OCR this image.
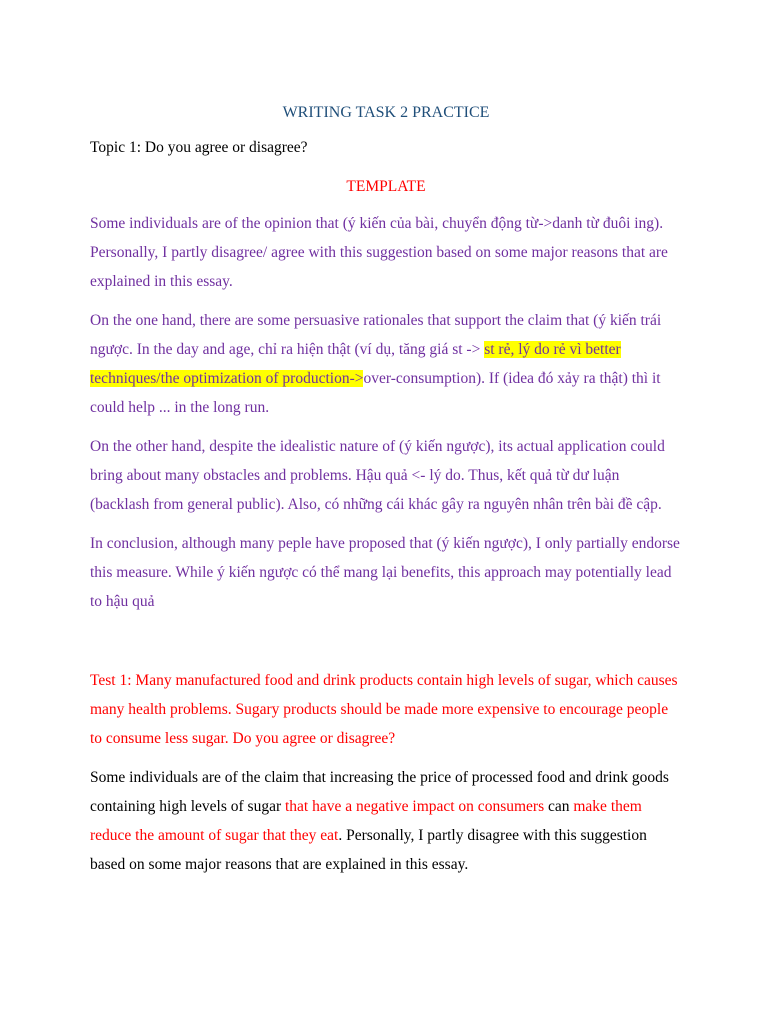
WRITING TASK 2 PRACTICE

Topic 1: Do you agree or disagree?

TEMPLATE

Some individuals are of the opinion that (ý kiến của bài, chuyển động từ->danh từ đuôi ing). Personally, I partly disagree/ agree with this suggestion based on some major reasons that are explained in this essay.

On the one hand, there are some persuasive rationales that support the claim that (ý kiến trái ngược. In the day and age, chỉ ra hiện thật (ví dụ, tăng giá st -> st rẻ, lý do rẻ vì better techniques/the optimization of production->over-consumption). If (idea đó xảy ra thật) thì it could help ... in the long run.

On the other hand, despite the idealistic nature of (ý kiến ngược), its actual application could bring about many obstacles and problems. Hậu quả <- lý do. Thus, kết quả từ dư luận (backlash from general public). Also, có những cái khác gây ra nguyên nhân trên bài đề cập.

In conclusion, although many peple have proposed that (ý kiến ngược), I only partially endorse this measure. While ý kiến ngược có thể mang lại benefits, this approach may potentially lead to hậu quả

Test 1: Many manufactured food and drink products contain high levels of sugar, which causes many health problems. Sugary products should be made more expensive to encourage people to consume less sugar. Do you agree or disagree?

Some individuals are of the claim that increasing the price of processed food and drink goods containing high levels of sugar that have a negative impact on consumers can make them reduce the amount of sugar that they eat. Personally, I partly disagree with this suggestion based on some major reasons that are explained in this essay.
